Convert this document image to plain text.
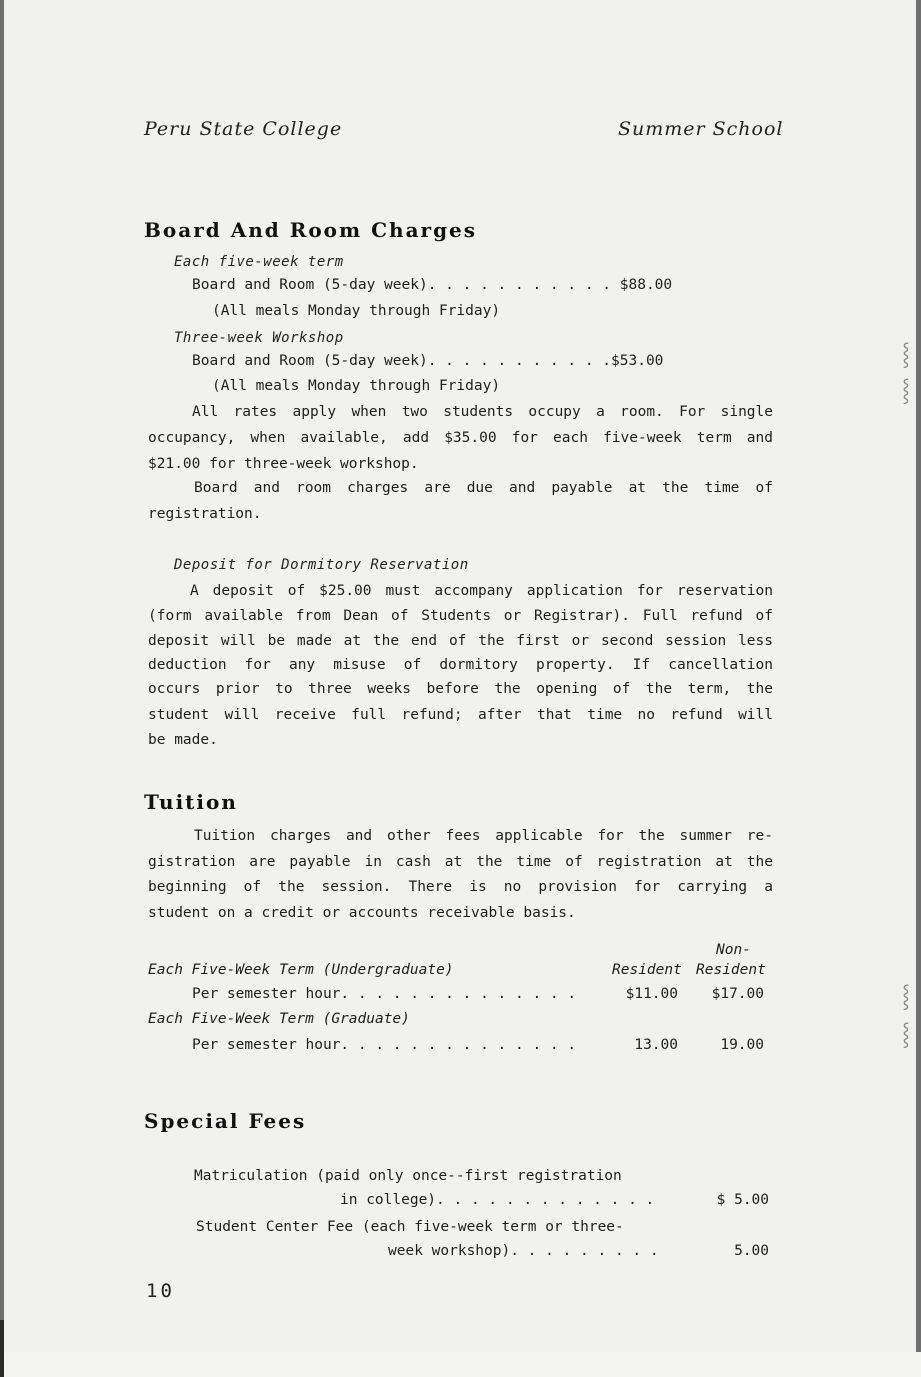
Peru State College	Summer School
Board And Room Charges
Each five-week term
Board and Room (5-day week). . . . . . . . . . . $88.00
(All meals Monday through Friday)
Three-week Workshop
Board and Room (5-day week). . . . . . . . . . .$53.00
(All meals Monday through Friday)
All rates apply when two students occupy a room. For single
occupancy, when available, add $35.00 for each five-week term and
$21.00 for three-week workshop.
Board and room charges are due and payable at the time of
registration.
Deposit for Dormitory Reservation
A deposit of $25.00 must accompany application for reservation
(form available from Dean of Students or Registrar). Full refund of
deposit will be made at the end of the first or second session less
deduction for any misuse of dormitory property. If cancellation
occurs prior to three weeks before the opening of the term, the
student will receive full refund; after that time no refund will
be made.
Tuition
Tuition charges and other fees applicable for the summer re-
gistration are payable in cash at the time of registration at the
beginning of the session. There is no provision for carrying a
student on a credit or accounts receivable basis.
Non-
Each Five-Week Term (Undergraduate)	Resident Resident
Per semester hour. . . . . . . . . . . . . .	$11.00	$17.00
Each Five-Week Term (Graduate)
Per semester hour. . . . . . . . . . . . . .	13.00	19.00
Special Fees
Matriculation (paid only once--first registration
in college). . . . . . . . . . . . .	$ 5.00
Student Center Fee (each five-week term or three-
week workshop). . . . . . . . .	5.00
10
⸾
⸾
⸾
⸾
